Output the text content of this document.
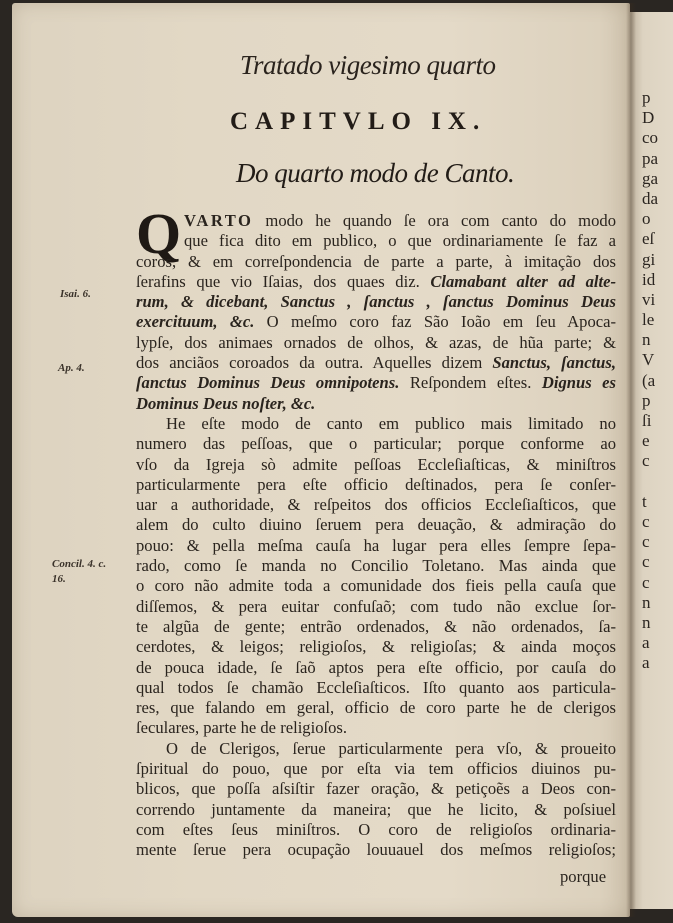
p
D
co
pa
ga
da
o
eſ
gi
id
vi
le
n
V
(a
p
ſi
e
c

t
c
c
c
c
n
n
a
a
Tratado vigesimo quarto
CAPITVLO IX.
Do quarto modo de Canto.
Q VARTO modo he quando ſe ora com canto do modo
que fica dito em publico, o que ordinariamente ſe faz a
coros, & em correſpondencia de parte a parte, à imitação dos
ſerafins que vio Iſaias, dos quaes diz. Clamabant alter ad alte-
rum, & dicebant, Sanctus , ſanctus , ſanctus Dominus Deus
exercituum, &c. O meſmo coro faz São Ioão em ſeu Apoca-
lypſe, dos animaes ornados de olhos, & azas, de hũa parte; &
dos anciãos coroados da outra. Aquelles dizem Sanctus, ſanctus,
ſanctus Dominus Deus omnipotens. Reſpondem eſtes. Dignus es
Dominus Deus noſter, &c.
He eſte modo de canto em publico mais limitado no
numero das peſſoas, que o particular; porque conforme ao
vſo da Igreja sò admite peſſoas Eccleſiaſticas, & miniſtros
particularmente pera eſte officio deſtinados, pera ſe conſer-
uar a authoridade, & reſpeitos dos officios Eccleſiaſticos, que
alem do culto diuino ſeruem pera deuação, & admiração do
pouo: & pella meſma cauſa ha lugar pera elles ſempre ſepa-
rado, como ſe manda no Concilio Toletano. Mas ainda que
o coro não admite toda a comunidade dos fieis pella cauſa que
diſſemos, & pera euitar confuſaõ; com tudo não exclue ſor-
te algũa de gente; entrão ordenados, & não ordenados, ſa-
cerdotes, & leigos; religioſos, & religioſas; & ainda moços
de pouca idade, ſe ſaõ aptos pera eſte officio, por cauſa do
qual todos ſe chamão Eccleſiaſticos. Iſto quanto aos particula-
res, que falando em geral, officio de coro parte he de clerigos
ſeculares, parte he de religioſos.
O de Clerigos, ſerue particularmente pera vſo, & proueito
ſpiritual do pouo, que por eſta via tem officios diuinos pu-
blicos, que poſſa aſsiſtir fazer oração, & petiçoẽs a Deos con-
correndo juntamente da maneira; que he licito, & poſsiuel
com eſtes ſeus miniſtros. O coro de religioſos ordinaria-
mente ſerue pera ocupação louuauel dos meſmos religioſos;
Isai. 6.
Ap. 4.
Concil. 4. c.
16.
porque
